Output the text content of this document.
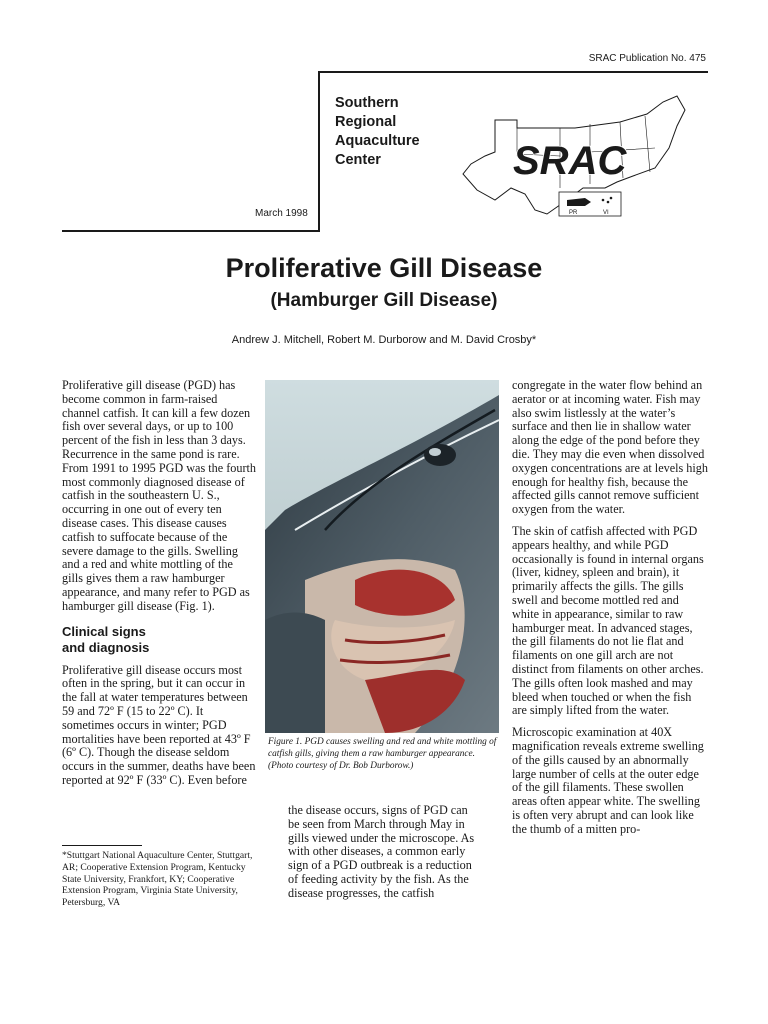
SRAC Publication No. 475
Southern
Regional
Aquaculture
Center
March 1998
SRAC
PR	VI
Proliferative Gill Disease
(Hamburger Gill Disease)
Andrew J. Mitchell, Robert M. Durborow and M. David Crosby*

Proliferative gill disease (PGD) has become common in farm-raised channel catfish. It can kill a few dozen fish over several days, or up to 100 percent of the fish in less than 3 days. Recurrence in the same pond is rare. From 1991 to 1995 PGD was the fourth most commonly diagnosed disease of catfish in the southeastern U. S., occurring in one out of every ten disease cases. This disease causes catfish to suffocate because of the severe damage to the gills. Swelling and a red and white mottling of the gills gives them a raw hamburger appearance, and many refer to PGD as hamburger gill disease (Fig. 1).

Clinical signs
and diagnosis

Proliferative gill disease occurs most often in the spring, but it can occur in the fall at water temperatures between 59 and 72º F (15 to 22º C). It sometimes occurs in winter; PGD mortalities have been reported at 43º F (6º C). Though the disease seldom occurs in the summer, deaths have been reported at 92º F (33º C). Even before

Figure 1. PGD causes swelling and red and white mottling of catfish gills, giving them a raw hamburger appearance. (Photo courtesy of Dr. Bob Durborow.)

the disease occurs, signs of PGD can be seen from March through May in gills viewed under the microscope. As with other diseases, a common early sign of a PGD outbreak is a reduction of feeding activity by the fish. As the disease progresses, the catfish

congregate in the water flow behind an aerator or at incoming water. Fish may also swim listlessly at the water’s surface and then lie in shallow water along the edge of the pond before they die. They may die even when dissolved oxygen concentrations are at levels high enough for healthy fish, because the affected gills cannot remove sufficient oxygen from the water.

The skin of catfish affected with PGD appears healthy, and while PGD occasionally is found in internal organs (liver, kidney, spleen and brain), it primarily affects the gills. The gills swell and become mottled red and white in appearance, similar to raw hamburger meat. In advanced stages, the gill filaments do not lie flat and filaments on one gill arch are not distinct from filaments on other arches. The gills often look mashed and may bleed when touched or when the fish are simply lifted from the water.

Microscopic examination at 40X magnification reveals extreme swelling of the gills caused by an abnormally large number of cells at the outer edge of the gill filaments. These swollen areas often appear white. The swelling is often very abrupt and can look like the thumb of a mitten pro-

*Stuttgart National Aquaculture Center, Stuttgart, AR; Cooperative Extension Program, Kentucky State University, Frankfort, KY; Cooperative Extension Program, Virginia State University, Petersburg, VA
